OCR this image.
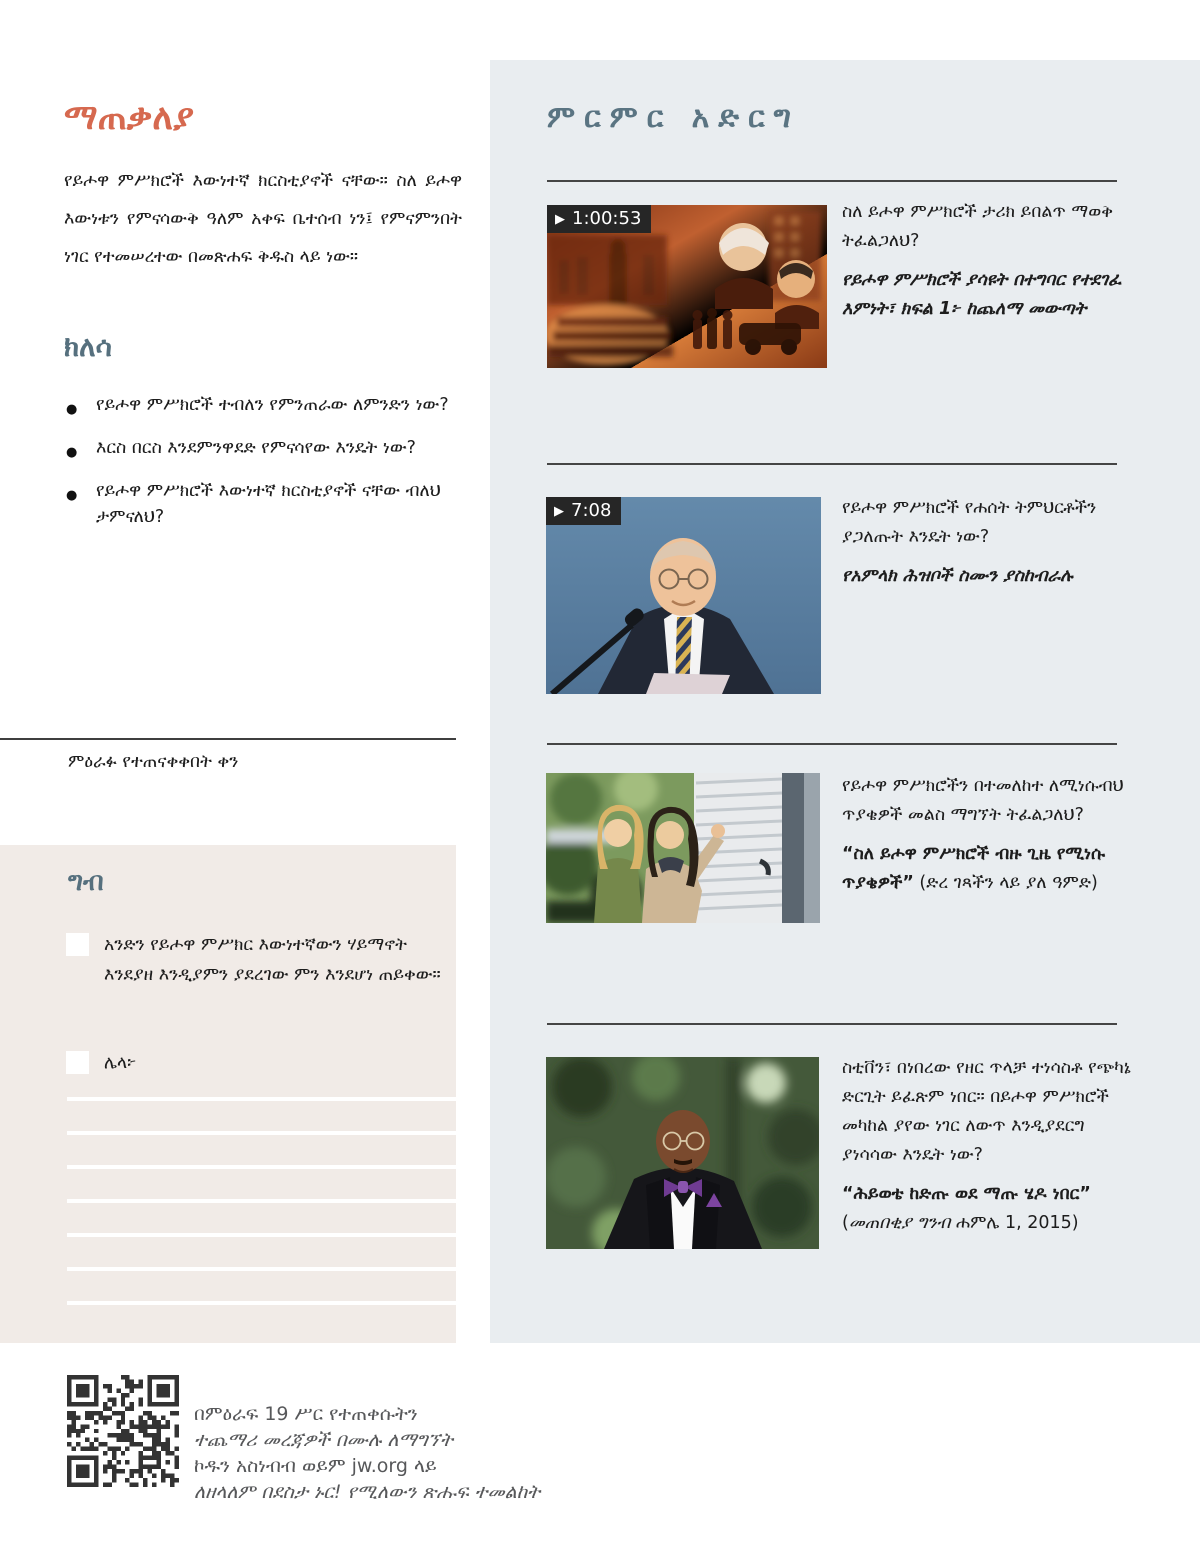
ማጠቃለያ

የይሖዋ ምሥክሮች እውነተኛ ክርስቲያኖች ናቸው። ስለ ይሖዋ እውነቱን የምናሳውቅ ዓለም አቀፍ ቤተሰብ ነን፤ የምናምንበት ነገር የተመሠረተው በመጽሐፍ ቅዱስ ላይ ነው።

ክለሳ
● የይሖዋ ምሥክሮች ተብለን የምንጠራው ለምንድን ነው?
● እርስ በርስ እንደምንዋደድ የምናሳየው እንዴት ነው?
● የይሖዋ ምሥክሮች እውነተኛ ክርስቲያኖች ናቸው ብለህ ታምናለህ?

ምዕራፉ የተጠናቀቀበት ቀን

ግብ

አንድን የይሖዋ ምሥክር እውነተኛውን ሃይማኖት እንደያዘ እንዲያምን ያደረገው ምን እንደሆነ ጠይቀው።

ሌላ፦

በምዕራፍ 19 ሥር የተጠቀሱትን
ተጨማሪ መረጃዎች በሙሉ ለማግኘት
ኮዱን አስነብብ ወይም jw.org ላይ
ለዘላለም በደስታ ኑር! የሚለውን ጽሑፍ ተመልከት
ምርምር አድርግ
▶ 1:00:53	ስለ ይሖዋ ምሥክሮች ታሪክ ይበልጥ ማወቅ ትፈልጋለህ?

የይሖዋ ምሥክሮች ያሳዩት በተግባር የተደገፈ እምነት፣ ክፍል 1፦ ከጨለማ መውጣት

▶ 7:08	የይሖዋ ምሥክሮች የሐሰት ትምህርቶችን ያጋለጡት እንዴት ነው?

የአምላክ ሕዝቦች ስሙን ያስከብራሉ

የይሖዋ ምሥክሮችን በተመለከተ ለሚነሱብህ ጥያቄዎች መልስ ማግኘት ትፈልጋለህ?

“ስለ ይሖዋ ምሥክሮች ብዙ ጊዜ የሚነሱ ጥያቄዎች” (ድረ ገጻችን ላይ ያለ ዓምድ)

ስቲቨን፣ በነበረው የዘር ጥላቻ ተነሳስቶ የጭካኔ ድርጊት ይፈጽም ነበር። በይሖዋ ምሥክሮች መካከል ያየው ነገር ለውጥ እንዲያደርግ ያነሳሳው እንዴት ነው?

“ሕይወቴ ከድጡ ወደ ማጡ ሄዶ ነበር” (መጠበቂያ ግንብ ሐምሌ 1, 2015)
